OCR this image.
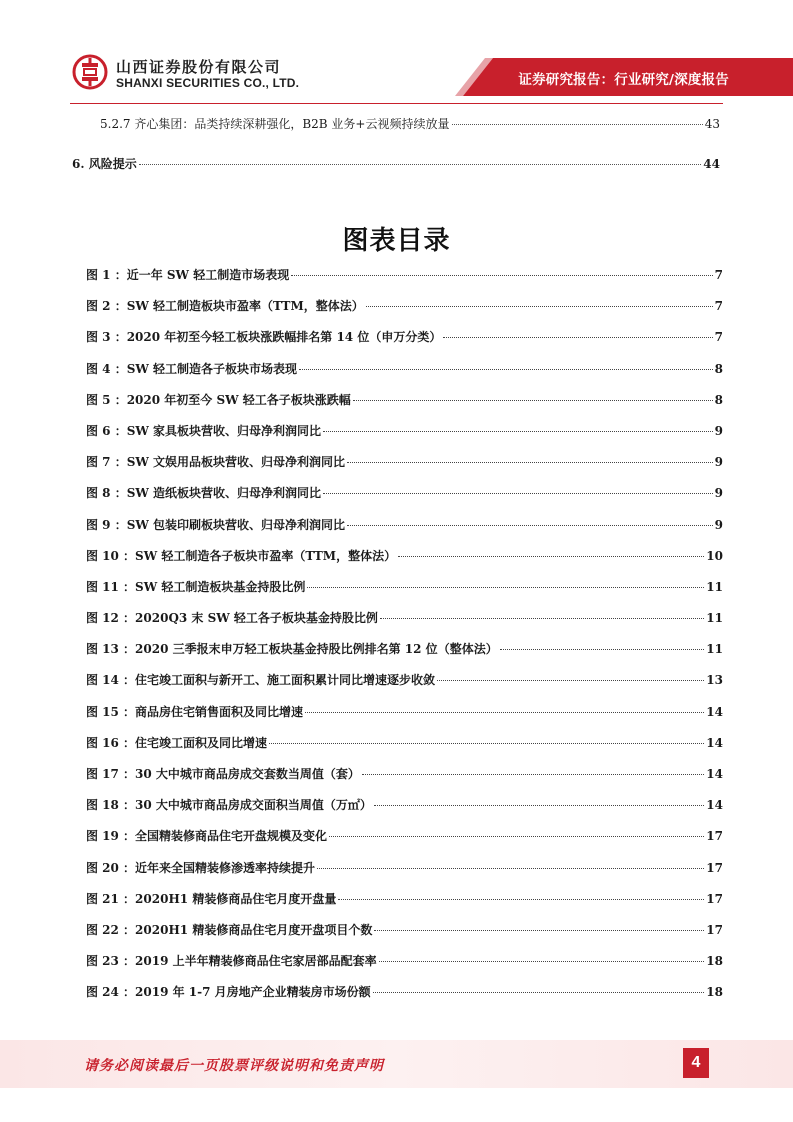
山西证券股份有限公司
SHANXI SECURITIES CO., LTD.	证券研究报告：行业研究/深度报告
5.2.7 齐心集团：品类持续深耕强化，B2B 业务+云视频持续放量	43
6. 风险提示	44
图表目录
图 1 ：近一年 SW 轻工制造市场表现	7
图 2 ：SW 轻工制造板块市盈率（TTM，整体法）	7
图 3 ：2020 年初至今轻工板块涨跌幅排名第 14 位（申万分类）	7
图 4 ：SW 轻工制造各子板块市场表现	8
图 5 ：2020 年初至今 SW 轻工各子板块涨跌幅	8
图 6 ：SW 家具板块营收、归母净利润同比	9
图 7 ：SW 文娱用品板块营收、归母净利润同比	9
图 8 ：SW 造纸板块营收、归母净利润同比	9
图 9 ：SW 包装印刷板块营收、归母净利润同比	9
图 10 ：SW 轻工制造各子板块市盈率（TTM，整体法）	10
图 11 ：SW 轻工制造板块基金持股比例	11
图 12 ：2020Q3 末 SW 轻工各子板块基金持股比例	11
图 13 ：2020 三季报末申万轻工板块基金持股比例排名第 12 位（整体法）	11
图 14 ：住宅竣工面积与新开工、施工面积累计同比增速逐步收敛	13
图 15 ：商品房住宅销售面积及同比增速	14
图 16 ：住宅竣工面积及同比增速	14
图 17 ：30 大中城市商品房成交套数当周值（套）	14
图 18 ：30 大中城市商品房成交面积当周值（万㎡）	14
图 19 ：全国精装修商品住宅开盘规模及变化	17
图 20 ：近年来全国精装修渗透率持续提升	17
图 21 ：2020H1 精装修商品住宅月度开盘量	17
图 22 ：2020H1 精装修商品住宅月度开盘项目个数	17
图 23 ：2019 上半年精装修商品住宅家居部品配套率	18
图 24 ：2019 年 1-7 月房地产企业精装房市场份额	18
请务必阅读最后一页股票评级说明和免责声明	4
